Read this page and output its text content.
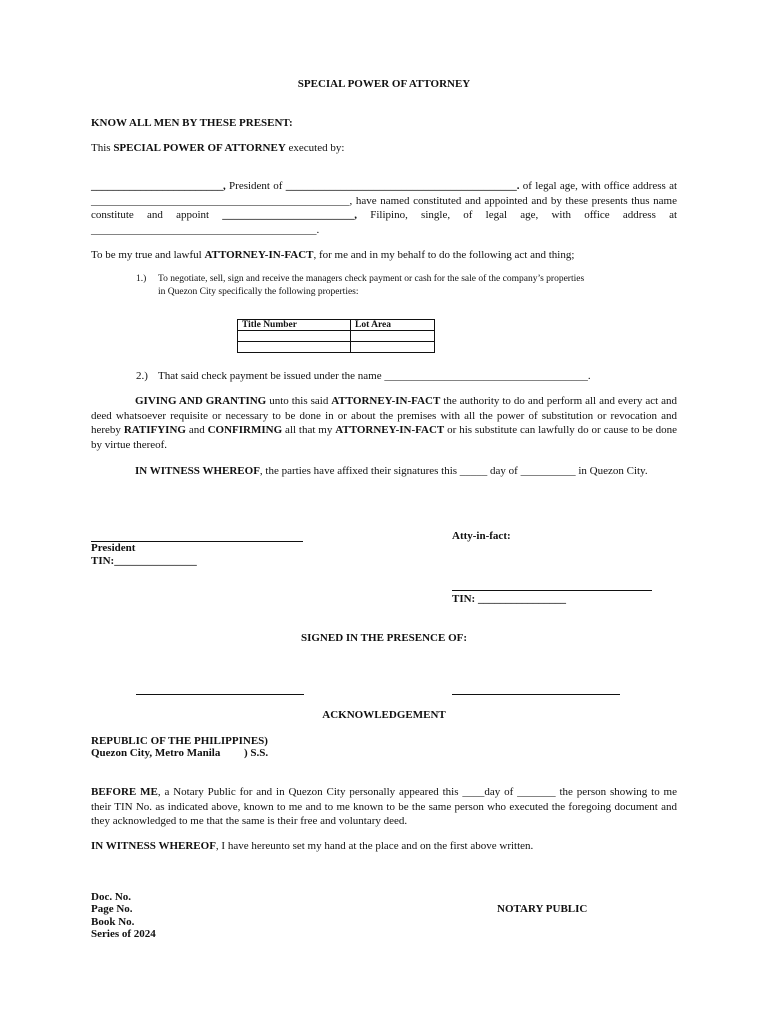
SPECIAL POWER OF ATTORNEY
KNOW ALL MEN BY THESE PRESENT:
This SPECIAL POWER OF ATTORNEY executed by:
________________________, President of __________________________________________. of legal age, with office address at _______________________________________________, have named constituted and appointed and by these presents thus name constitute and appoint ________________________, Filipino, single, of legal age, with office address at _________________________________________.
To be my true and lawful ATTORNEY-IN-FACT, for me and in my behalf to do the following act and thing;
1.) To negotiate, sell, sign and receive the managers check payment or cash for the sale of the company’s properties
in Quezon City specifically the following properties:
Title Number	Lot Area

2.) That said check payment be issued under the name _____________________________________.
GIVING AND GRANTING unto this said ATTORNEY-IN-FACT the authority to do and perform all and every act and deed whatsoever requisite or necessary to be done in or about the premises with all the power of substitution or revocation and hereby RATIFYING and CONFIRMING all that my ATTORNEY-IN-FACT or his substitute can lawfully do or cause to be done by virtue thereof.
IN WITNESS WHEREOF, the parties have affixed their signatures this _____ day of __________ in Quezon City.
President
TIN:_______________
Atty-in-fact:
TIN: ________________
SIGNED IN THE PRESENCE OF:
ACKNOWLEDGEMENT
REPUBLIC OF THE PHILIPPINES)
Quezon City, Metro Manila ) S.S.
BEFORE ME, a Notary Public for and in Quezon City personally appeared this ____day of _______ the person showing to me their TIN No. as indicated above, known to me and to me known to be the same person who executed the foregoing document and they acknowledged to me that the same is their free and voluntary deed.
IN WITNESS WHEREOF, I have hereunto set my hand at the place and on the first above written.
Doc. No.
Page No.
Book No.
Series of 2024
NOTARY PUBLIC
